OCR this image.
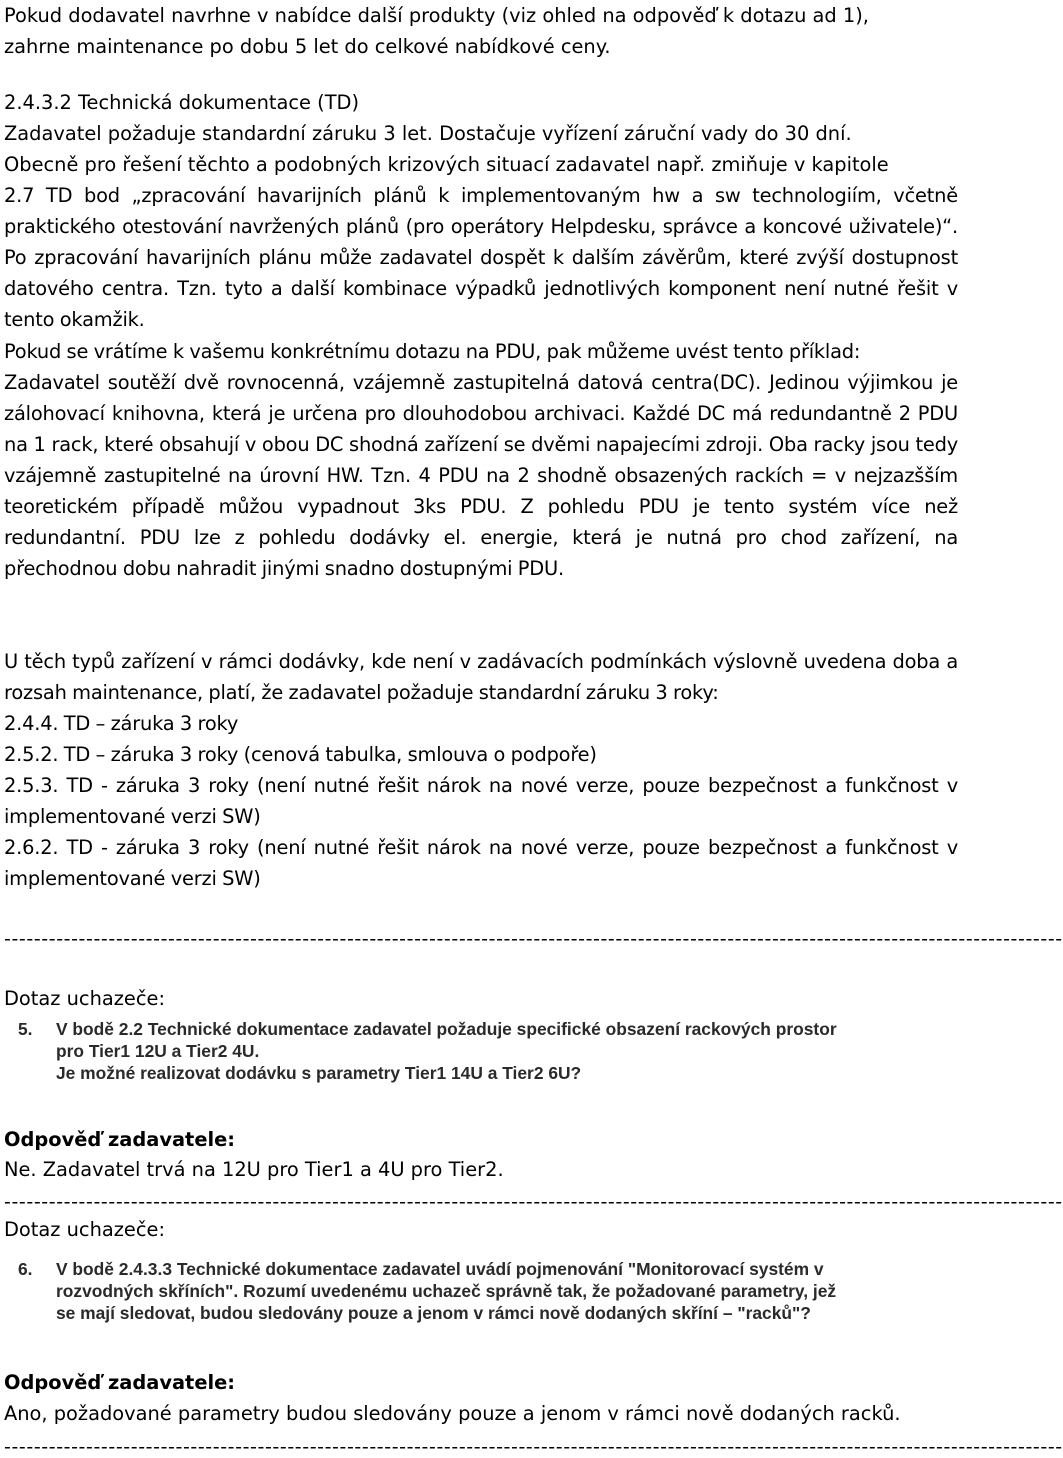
Pokud dodavatel navrhne v nabídce další produkty (viz ohled na odpověď k dotazu ad 1),
zahrne maintenance po dobu 5 let do celkové nabídkové ceny.

2.4.3.2 Technická dokumentace (TD)
Zadavatel požaduje standardní záruku 3 let. Dostačuje vyřízení záruční vady do 30 dní.
Obecně pro řešení těchto a podobných krizových situací zadavatel např. zmiňuje v kapitole

2.7 TD bod „zpracování havarijních plánů k implementovaným hw a sw technologiím, včetně praktického otestování navržených plánů (pro operátory Helpdesku, správce a koncové uživatele)“. Po zpracování havarijních plánu může zadavatel dospět k dalším závěrům, které zvýší dostupnost datového centra. Tzn. tyto a další kombinace výpadků jednotlivých komponent není nutné řešit v tento okamžik.

Pokud se vrátíme k vašemu konkrétnímu dotazu na PDU, pak můžeme uvést tento příklad:

Zadavatel soutěží dvě rovnocenná, vzájemně zastupitelná datová centra(DC). Jedinou výjimkou je zálohovací knihovna, která je určena pro dlouhodobou archivaci. Každé DC má redundantně 2 PDU na 1 rack, které obsahují v obou DC shodná zařízení se dvěmi napajecími zdroji. Oba racky jsou tedy vzájemně zastupitelné na úrovní HW. Tzn. 4 PDU na 2 shodně obsazených rackích = v nejzazšším teoretickém případě můžou vypadnout 3ks PDU. Z pohledu PDU je tento systém více než redundantní. PDU lze z pohledu dodávky el. energie, která je nutná pro chod zařízení, na přechodnou dobu nahradit jinými snadno dostupnými PDU.

U těch typů zařízení v rámci dodávky, kde není v zadávacích podmínkách výslovně uvedena doba a rozsah maintenance, platí, že zadavatel požaduje standardní záruku 3 roky:

2.4.4. TD – záruka 3 roky

2.5.2. TD – záruka 3 roky (cenová tabulka, smlouva o podpoře)

2.5.3. TD - záruka 3 roky (není nutné řešit nárok na nové verze, pouze bezpečnost a funkčnost v implementované verzi SW)

2.6.2. TD - záruka 3 roky (není nutné řešit nárok na nové verze, pouze bezpečnost a funkčnost v implementované verzi SW)

----------------------------------------------------------------------------------------------------------------------------------------------

Dotaz uchazeče:

5.	V bodě 2.2 Technické dokumentace zadavatel požaduje specifické obsazení rackových prostor
pro Tier1 12U a Tier2 4U.
Je možné realizovat dodávku s parametry Tier1 14U a Tier2 6U?

Odpověď zadavatele:

Ne. Zadavatel trvá na 12U pro Tier1 a 4U pro Tier2.

----------------------------------------------------------------------------------------------------------------------------------------------

Dotaz uchazeče:

6.	V bodě 2.4.3.3 Technické dokumentace zadavatel uvádí pojmenování "Monitorovací systém v
rozvodných skříních". Rozumí uvedenému uchazeč správně tak, že požadované parametry, jež
se mají sledovat, budou sledovány pouze a jenom v rámci nově dodaných skříní – "racků"?

Odpověď zadavatele:

Ano, požadované parametry budou sledovány pouze a jenom v rámci nově dodaných racků.

----------------------------------------------------------------------------------------------------------------------------------------------
